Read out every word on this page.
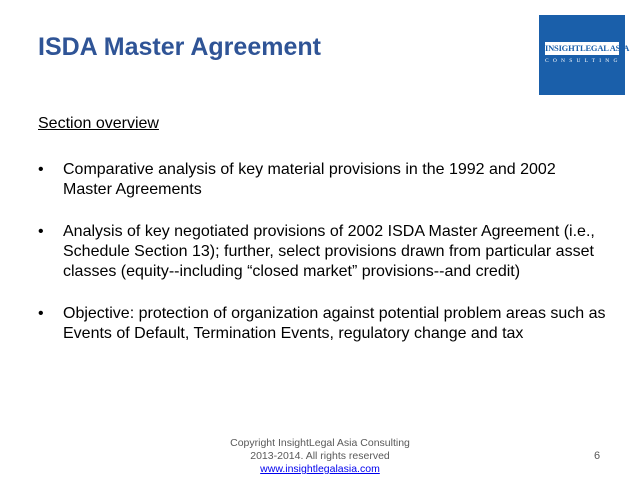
ISDA Master Agreement	INSIGHTLEGAL ASIA
CONSULTING
Section overview
• Comparative analysis of key material provisions in the 1992 and 2002 Master Agreements
• Analysis of key negotiated provisions of 2002 ISDA Master Agreement (i.e., Schedule Section 13); further, select provisions drawn from particular asset classes (equity--including “closed market” provisions--and credit)
• Objective: protection of organization against potential problem areas such as Events of Default, Termination Events, regulatory change and tax
Copyright InsightLegal Asia Consulting
2013-2014. All rights reserved
www.insightlegalasia.com
6
